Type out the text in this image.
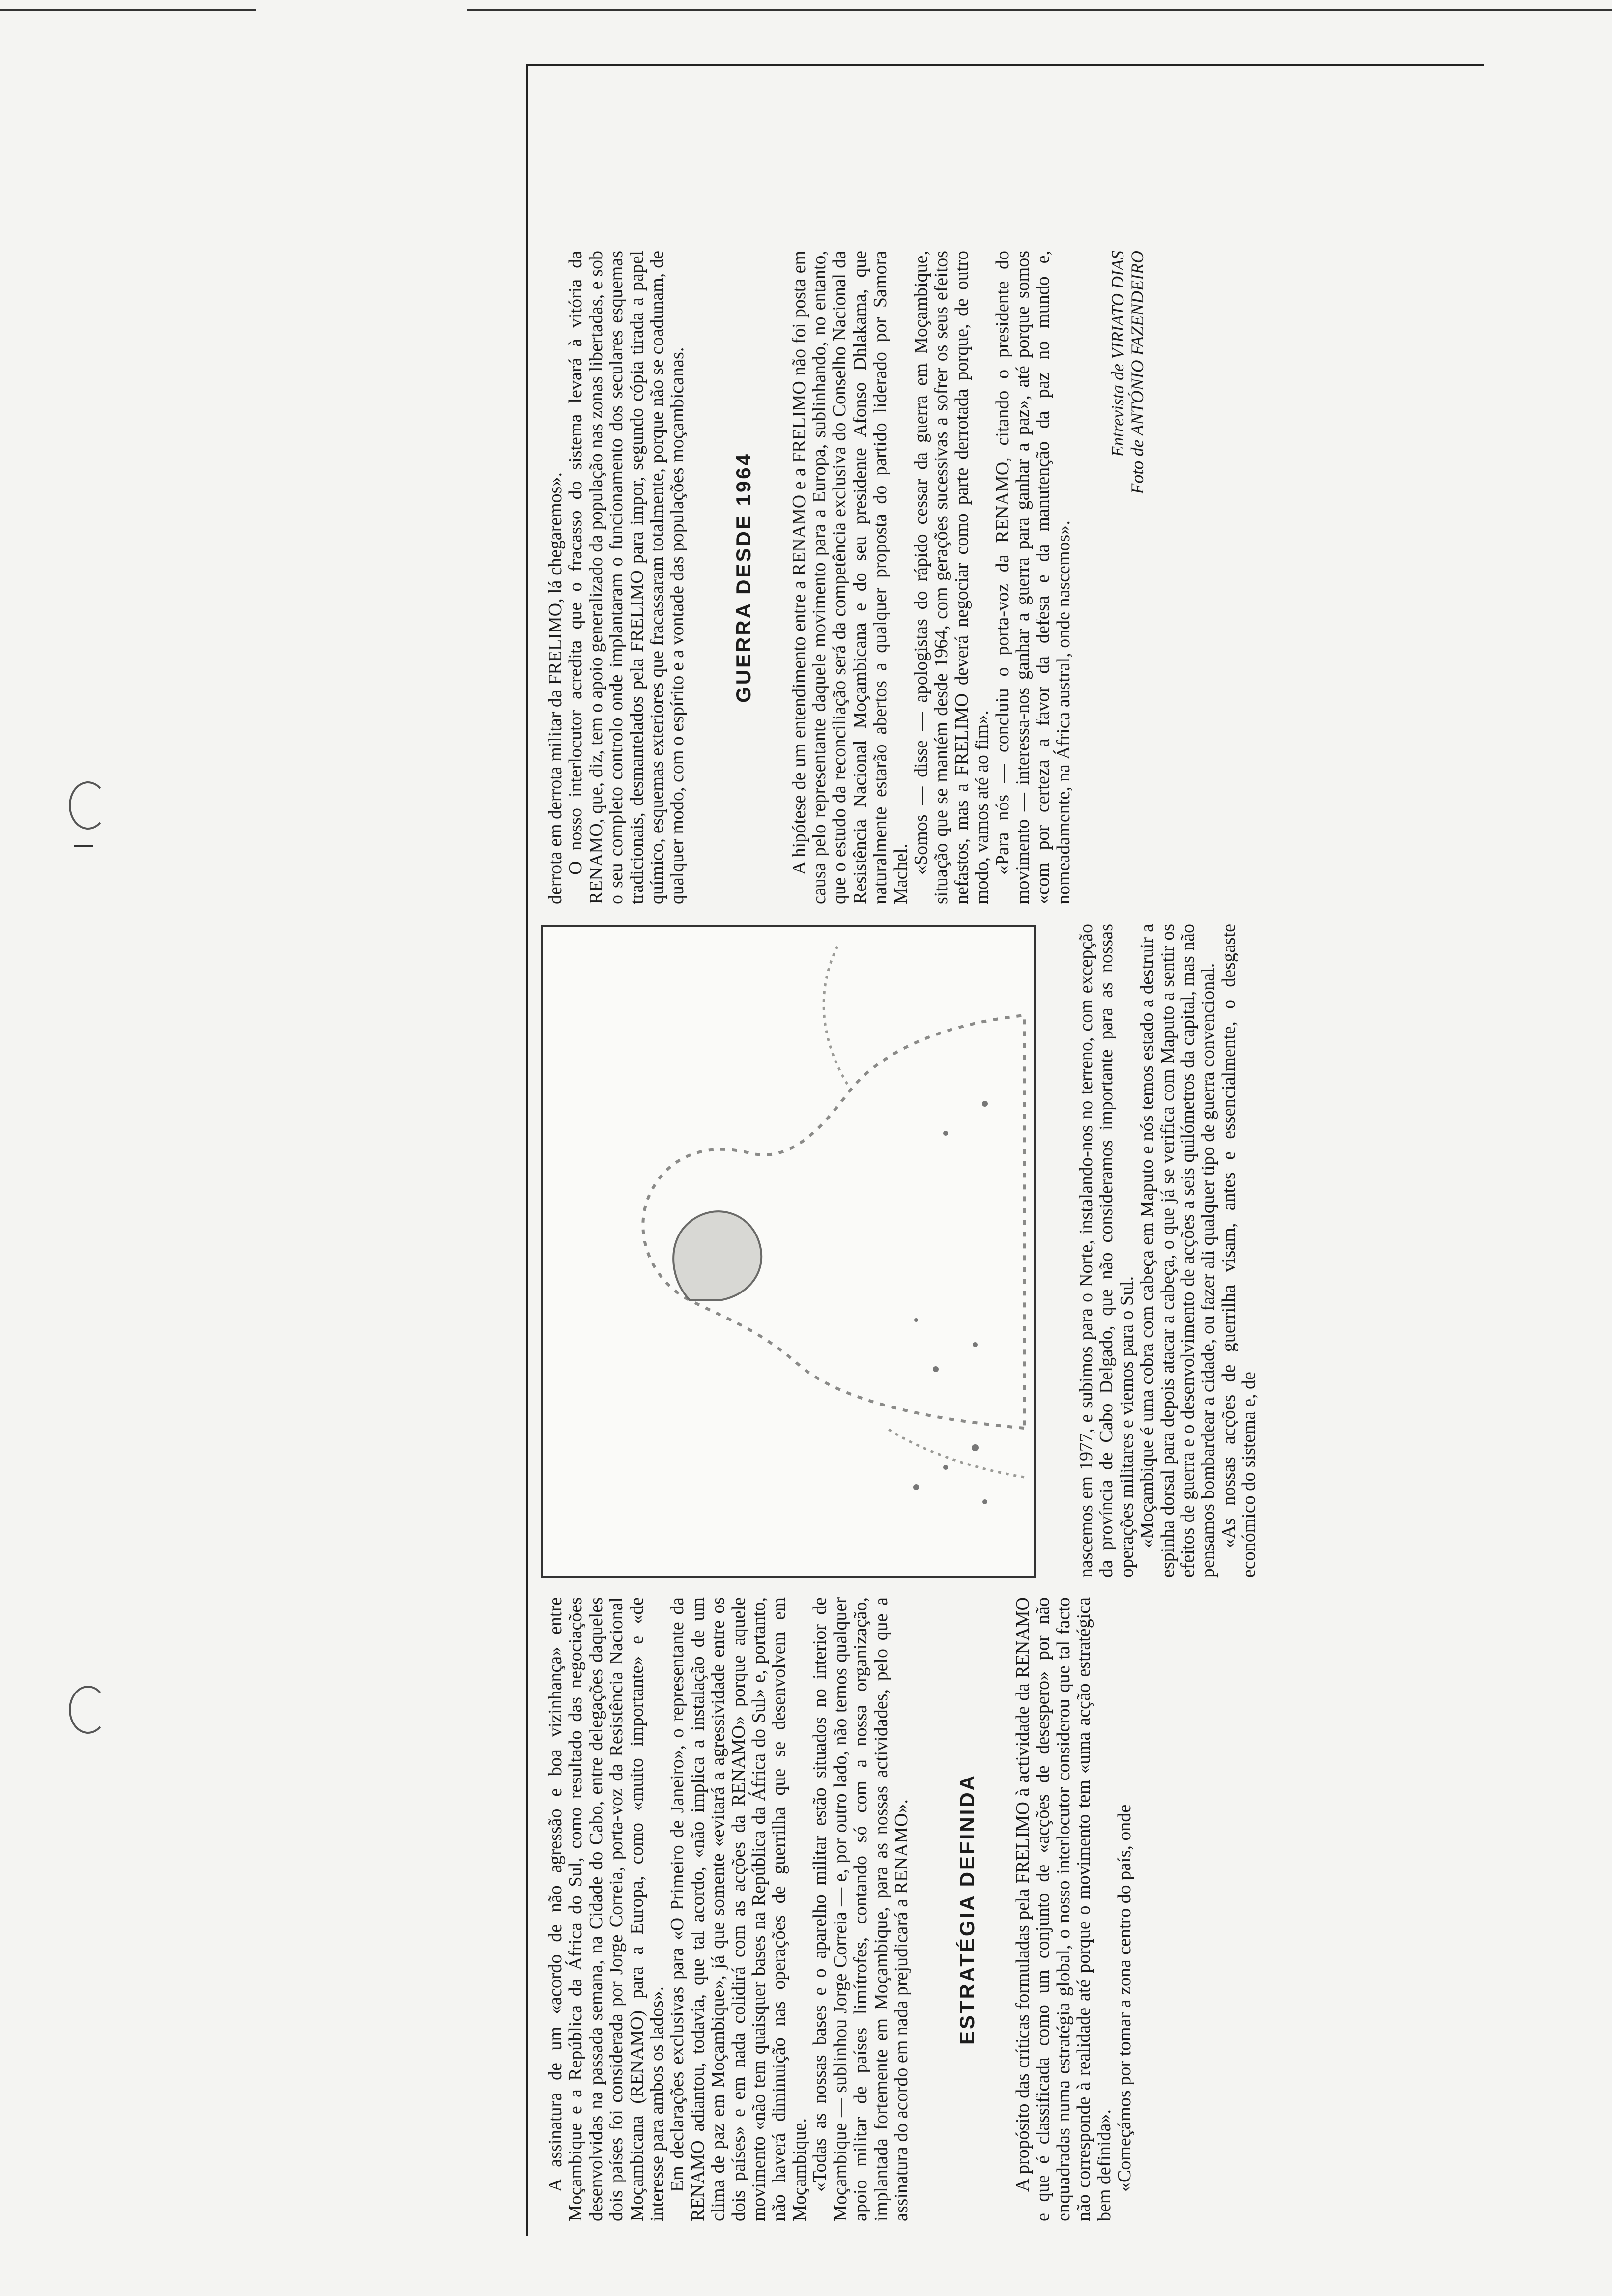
A assinatura de um «acordo de não agressão e boa vizinhança» entre Moçambique e a República da África do Sul, como resultado das negociações desenvolvidas na passada semana, na Cidade do Cabo, entre delegações daqueles dois países foi considerada por Jorge Correia, porta-voz da Resistência Nacional Moçambicana (RENAMO) para a Europa, como «muito importante» e «de interesse para ambos os lados». Em declarações exclusivas para «O Primeiro de Janeiro», o representante da RENAMO adiantou, todavia, que tal acordo, «não implica a instalação de um clima de paz em Moçambique», já que somente «evitará a agressividade entre os dois países» e em nada colidirá com as acções da RENAMO» porque aquele movimento «não tem quaisquer bases na República da África do Sul» e, portanto, não haverá diminuição nas operações de guerrilha que se desenvolvem em Moçambique. «Todas as nossas bases e o aparelho militar estão situados no interior de Moçambique — sublinhou Jorge Correia — e, por outro lado, não temos qualquer apoio militar de países limítrofes, contando só com a nossa organização, implantada fortemente em Moçambique, para as nossas actividades, pelo que a assinatura do acordo em nada prejudicará a RENAMO». ESTRATÉGIA DEFINIDA A propósito das críticas formuladas pela FRELIMO à actividade da RENAMO e que é classificada como um conjunto de «acções de desespero» por não enquadradas numa estratégia global, o nosso interlocutor considerou que tal facto não corresponde à realidade até porque o movimento tem «uma acção estratégica bem definida». «Começámos por tomar a zona centro do país, onde

nascemos em 1977, e subimos para o Norte, instalando-nos no terreno, com excepção da província de Cabo Delgado, que não consideramos importante para as nossas operações militares e viemos para o Sul. «Moçambique é uma cobra com cabeça em Maputo e nós temos estado a destruir a espinha dorsal para depois atacar a cabeça, o que já se verifica com Maputo a sentir os efeitos de guerra e o desenvolvimento de acções a seis quilómetros da capital, mas não pensamos bombardear a cidade, ou fazer ali qualquer tipo de guerra convencional. «As nossas acções de guerrilha visam, antes e essencialmente, o desgaste económico do sistema e, de

derrota em derrota militar da FRELIMO, lá chegaremos». O nosso interlocutor acredita que o fracasso do sistema levará à vitória da RENAMO, que, diz, tem o apoio generalizado da população nas zonas libertadas, e sob o seu completo controlo onde implantaram o funcionamento dos seculares esquemas tradicionais, desmantelados pela FRELIMO para impor, segundo cópia tirada a papel químico, esquemas exteriores que fracassaram totalmente, porque não se coadunam, de qualquer modo, com o espírito e a vontade das populações moçambicanas. GUERRA DESDE 1964 A hipótese de um entendimento entre a RENAMO e a FRELIMO não foi posta em causa pelo representante daquele movimento para a Europa, sublinhando, no entanto, que o estudo da reconciliação será da competência exclusiva do Conselho Nacional da Resistência Nacional Moçambicana e do seu presidente Afonso Dhlakama, que naturalmente estarão abertos a qualquer proposta do partido liderado por Samora Machel. «Somos — disse — apologistas do rápido cessar da guerra em Moçambique, situação que se mantém desde 1964, com gerações sucessivas a sofrer os seus efeitos nefastos, mas a FRELIMO deverá negociar como parte derrotada porque, de outro modo, vamos até ao fim». «Para nós — concluiu o porta-voz da RENAMO, citando o presidente do movimento — interessa-nos ganhar a guerra para ganhar a paz», até porque somos «com por certeza a favor da defesa e da manutenção da paz no mundo e, nomeadamente, na África austral, onde nascemos».

Entrevista de VIRIATO DIAS Foto de ANTÓNIO FAZENDEIRO
